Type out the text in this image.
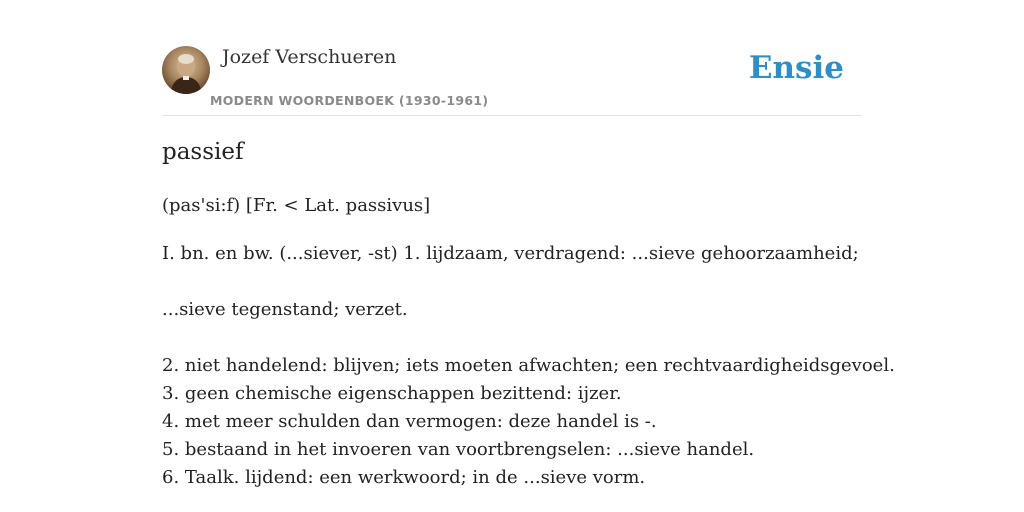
Jozef Verschueren
MODERN WOORDENBOEK (1930-1961)
Ensie
passief
(pas'si:f) [Fr. < Lat. passivus]
I. bn. en bw. (...siever, -st) 1. lijdzaam, verdragend: ...sieve gehoorzaamheid;
...sieve tegenstand; verzet.
2. niet handelend: blijven; iets moeten afwachten; een rechtvaardigheidsgevoel.
3. geen chemische eigenschappen bezittend: ijzer.
4. met meer schulden dan vermogen: deze handel is -.
5. bestaand in het invoeren van voortbrengselen: ...sieve handel.
6. Taalk. lijdend: een werkwoord; in de ...sieve vorm.
